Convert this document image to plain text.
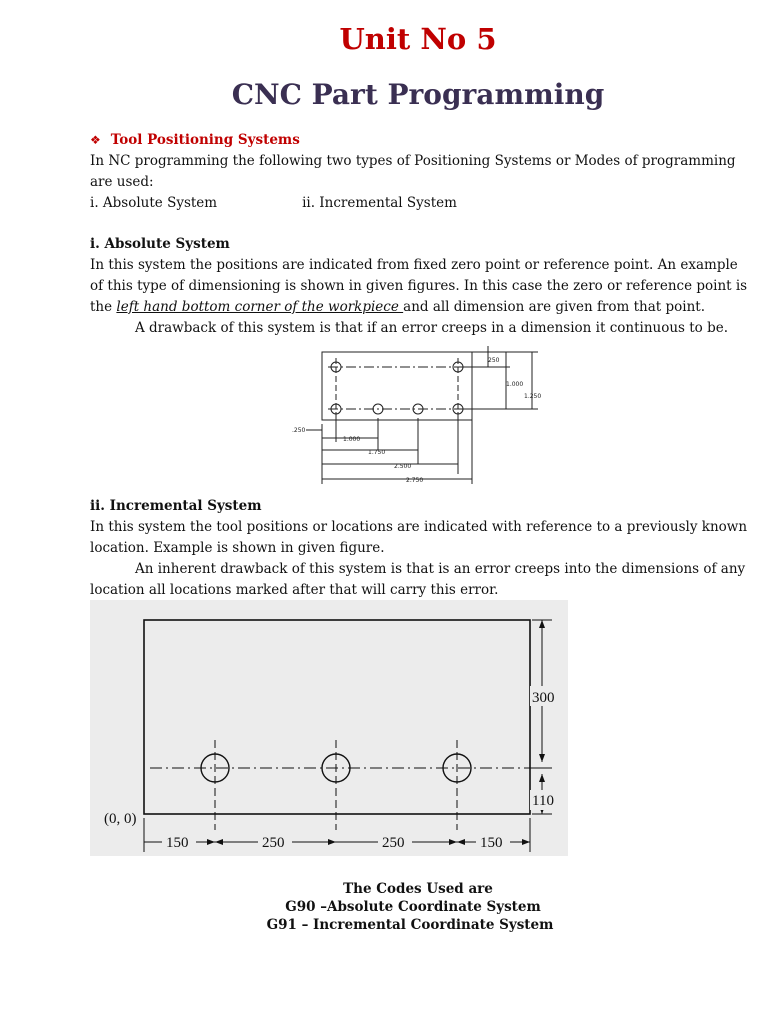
Unit No 5
CNC Part Programming

❖ Tool Positioning Systems

In NC programming the following two types of Positioning Systems or Modes of programming are used:

i. Absolute System	ii. Incremental System

i. Absolute System

In this system the positions are indicated from fixed zero point or reference point. An example of this type of dimensioning is shown in given figures. In this case the zero or reference point is the left hand bottom corner of the workpiece and all dimension are given from that point.

A drawback of this system is that if an error creeps in a dimension it continuous to be.

250
1.000
1.250
.250
1.000
1.750
2.500
2.750

ii. Incremental System

In this system the tool positions or locations are indicated with reference to a previously known location. Example is shown in given figure.

An inherent drawback of this system is that is an error creeps into the dimensions of any location all locations marked after that will carry this error.

300
110
(0, 0)
150	250	250	150
The Codes Used are
G90 –Absolute Coordinate System
G91 – Incremental Coordinate System
